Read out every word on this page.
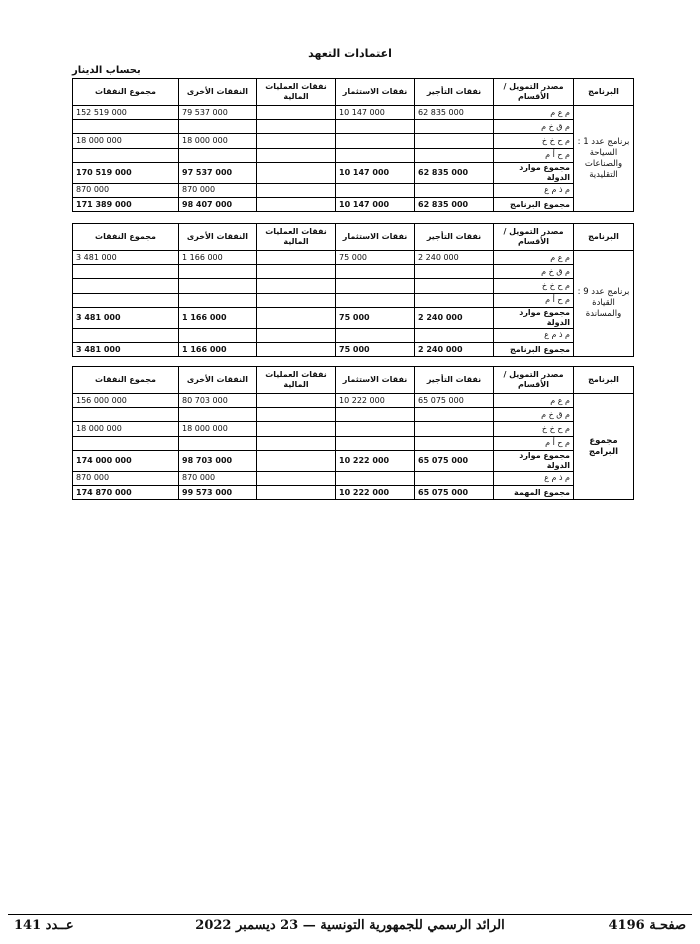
اعتمادات التعهد
بحساب الدينار
البرنامج	مصدر التمويل / الأقسام	نفقات التأجير	نفقات الاستثمار	نفقات العمليات المالية	النفقات الأخرى	مجموع النفقات
برنامج عدد 1 : السياحة والصناعات التقليدية	م ع م	62 835 000	10 147 000		79 537 000	152 519 000
	م ق خ م					
	م ح خ خ				18 000 000	18 000 000
	م ح أ م					
	مجموع موارد الدولة	62 835 000	10 147 000		97 537 000	170 519 000
	م ذ م ع				870 000	870 000
	مجموع البرنامج	62 835 000	10 147 000		98 407 000	171 389 000
البرنامج	مصدر التمويل / الأقسام	نفقات التأجير	نفقات الاستثمار	نفقات العمليات المالية	النفقات الأخرى	مجموع النفقات
برنامج عدد 9 : القيادة والمساندة	م ع م	2 240 000	75 000		1 166 000	3 481 000
	م ق خ م					
	م ح خ خ					
	م ح أ م					
	مجموع موارد الدولة	2 240 000	75 000		1 166 000	3 481 000
	م ذ م ع					
	مجموع البرنامج	2 240 000	75 000		1 166 000	3 481 000
البرنامج	مصدر التمويل / الأقسام	نفقات التأجير	نفقات الاستثمار	نفقات العمليات المالية	النفقات الأخرى	مجموع النفقات
مجموع البرامج	م ع م	65 075 000	10 222 000		80 703 000	156 000 000
	م ق خ م					
	م ح خ خ				18 000 000	18 000 000
	م ح أ م					
	مجموع موارد الدولة	65 075 000	10 222 000		98 703 000	174 000 000
	م ذ م ع				870 000	870 000
	مجموع المهمة	65 075 000	10 222 000		99 573 000	174 870 000
صفحـة 4196
الرائد الرسمي للجمهورية التونسية — 23 ديسمبر 2022
عــدد 141
